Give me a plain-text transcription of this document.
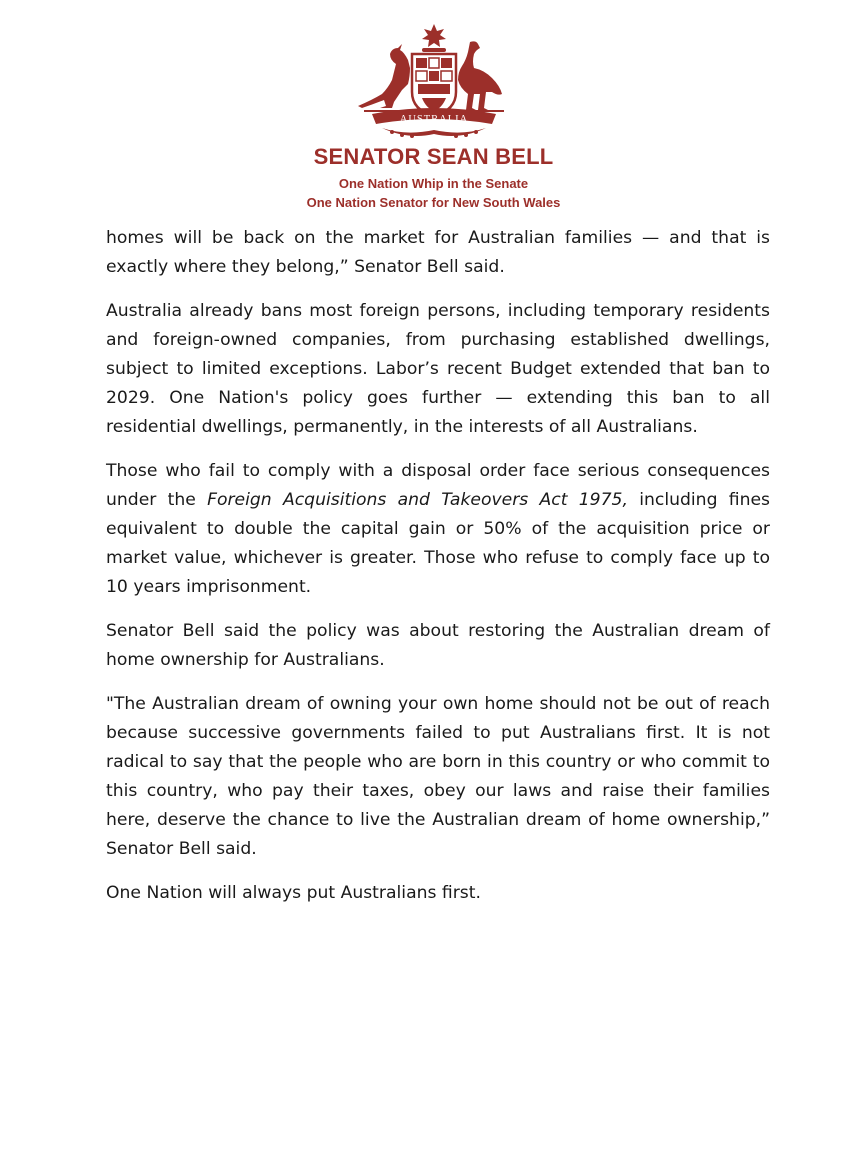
AUSTRALIA
SENATOR SEAN BELL
One Nation Whip in the Senate
One Nation Senator for New South Wales

homes will be back on the market for Australian families — and that is exactly where they belong,” Senator Bell said.

Australia already bans most foreign persons, including temporary residents and foreign-owned companies, from purchasing established dwellings, subject to limited exceptions. Labor’s recent Budget extended that ban to 2029. One Nation's policy goes further — extending this ban to all residential dwellings, permanently, in the interests of all Australians.

Those who fail to comply with a disposal order face serious consequences under the Foreign Acquisitions and Takeovers Act 1975, including fines equivalent to double the capital gain or 50% of the acquisition price or market value, whichever is greater. Those who refuse to comply face up to 10 years imprisonment.

Senator Bell said the policy was about restoring the Australian dream of home ownership for Australians.

"The Australian dream of owning your own home should not be out of reach because successive governments failed to put Australians first. It is not radical to say that the people who are born in this country or who commit to this country, who pay their taxes, obey our laws and raise their families here, deserve the chance to live the Australian dream of home ownership,” Senator Bell said.

One Nation will always put Australians first.
